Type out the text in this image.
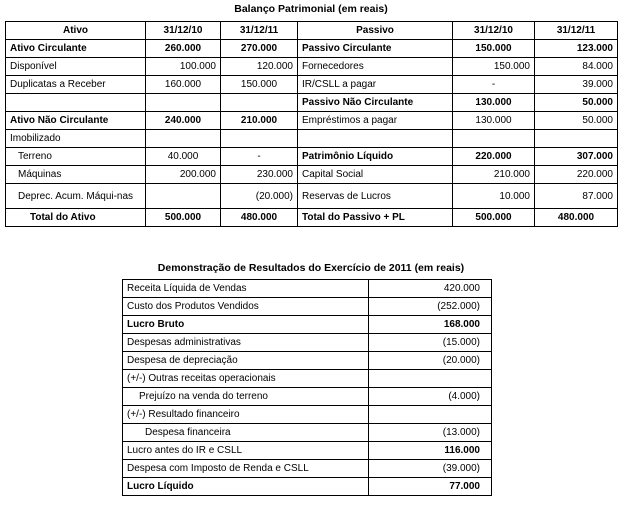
Balanço Patrimonial (em reais)
Ativo	31/12/10	31/12/11	Passivo	31/12/10	31/12/11
Ativo Circulante	260.000	270.000	Passivo Circulante	150.000	123.000
Disponível	100.000	120.000	Fornecedores	150.000	84.000
Duplicatas a Receber	160.000	150.000	IR/CSLL a pagar	-	39.000
			Passivo Não Circulante	130.000	50.000
Ativo Não Circulante	240.000	210.000	Empréstimos a pagar	130.000	50.000
Imobilizado					
Terreno	40.000	-	Patrimônio Líquido	220.000	307.000
Máquinas	200.000	230.000	Capital Social	210.000	220.000
Deprec. Acum. Máqui-nas		(20.000)	Reservas de Lucros	10.000	87.000
Total do Ativo	500.000	480.000	Total do Passivo + PL	500.000	480.000
Demonstração de Resultados do Exercício de 2011 (em reais)
Receita Líquida de Vendas	420.000
Custo dos Produtos Vendidos	(252.000)
Lucro Bruto	168.000
Despesas administrativas	(15.000)
Despesa de depreciação	(20.000)
(+/-) Outras receitas operacionais	
Prejuízo na venda do terreno	(4.000)
(+/-) Resultado financeiro	
Despesa financeira	(13.000)
Lucro antes do IR e CSLL	116.000
Despesa com Imposto de Renda e CSLL	(39.000)
Lucro Líquido	77.000
